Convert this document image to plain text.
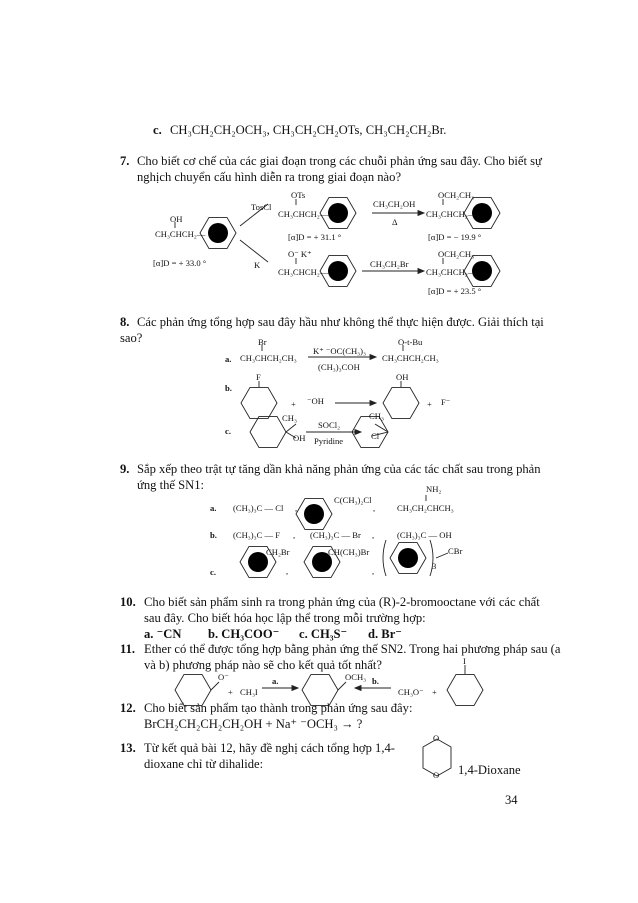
c. CH₃CH₂CH₂OCH₃, CH₃CH₂CH₂OTs, CH₃CH₂CH₂Br.
7. Cho biết cơ chế của các giai đoạn trong các chuỗi phản ứng sau đây. Cho biết sự
nghịch chuyển cấu hình diễn ra trong giai đoạn nào?
OH
CH₃CHCH₂—
[α]D = + 33.0 °
TosCl
K
OTs
CH₃CHCH₂—
[α]D = + 31.1 °
CH₃CH₂OH
Δ
OCH₂CH₃
CH₃CHCH₂—
[α]D = − 19.9 °
O⁻ K⁺
CH₃CHCH₂—
CH₃CH₂Br
OCH₂CH₃
CH₃CHCH₂—
[α]D = + 23.5 °
8. Các phản ứng tổng hợp sau đây hầu như không thể thực hiện được. Giải thích tại
sao?
a.
Br
CH₃CHCH₂CH₃
K⁺ ⁻OC(CH₃)₃
(CH₃)₃COH
O-t-Bu
CH₃CHCH₂CH₃
b.
F
+ ⁻OH
OH
+ F⁻
c.
CH₃
OH
SOCl₂
Pyridine
CH₃
Cl
9. Sắp xếp theo trật tự tăng dần khả năng phản ứng của các tác chất sau trong phản
ứng thế SN1:
a. (CH₃)₃C — Cl ,
C(CH₃)₂Cl
,
NH₂
CH₃CH₂CHCH₃
b. (CH₃)₃C — F , (CH₃)₃C — Br ,	(CH₃)₃C — OH
c.
CH₂Br
,
CH(CH₃)Br
,
CBr
3
10. Cho biết sản phẩm sinh ra trong phản ứng của (R)-2-bromooctane với các chất
sau đây. Cho biết hóa học lập thể trong mỗi trường hợp:
a. ⁻CN b. CH₃COO⁻ c. CH₃S⁻ d. Br⁻
11. Ether có thể được tổng hợp bằng phản ứng thế SN2. Trong hai phương pháp sau (a
và b) phương pháp nào sẽ cho kết quả tốt nhất?
O⁻
+ CH₃I
a.	OCH₃ b.
CH₃O⁻ +
I
12. Cho biết sản phẩm tạo thành trong phản ứng sau đây:
BrCH₂CH₂CH₂CH₂OH + Na⁺ ⁻OCH₃ → ?
13. Từ kết quả bài 12, hãy đề nghị cách tổng hợp 1,4-
dioxane chỉ từ dihalide:
O
O 1,4-Dioxane
34
